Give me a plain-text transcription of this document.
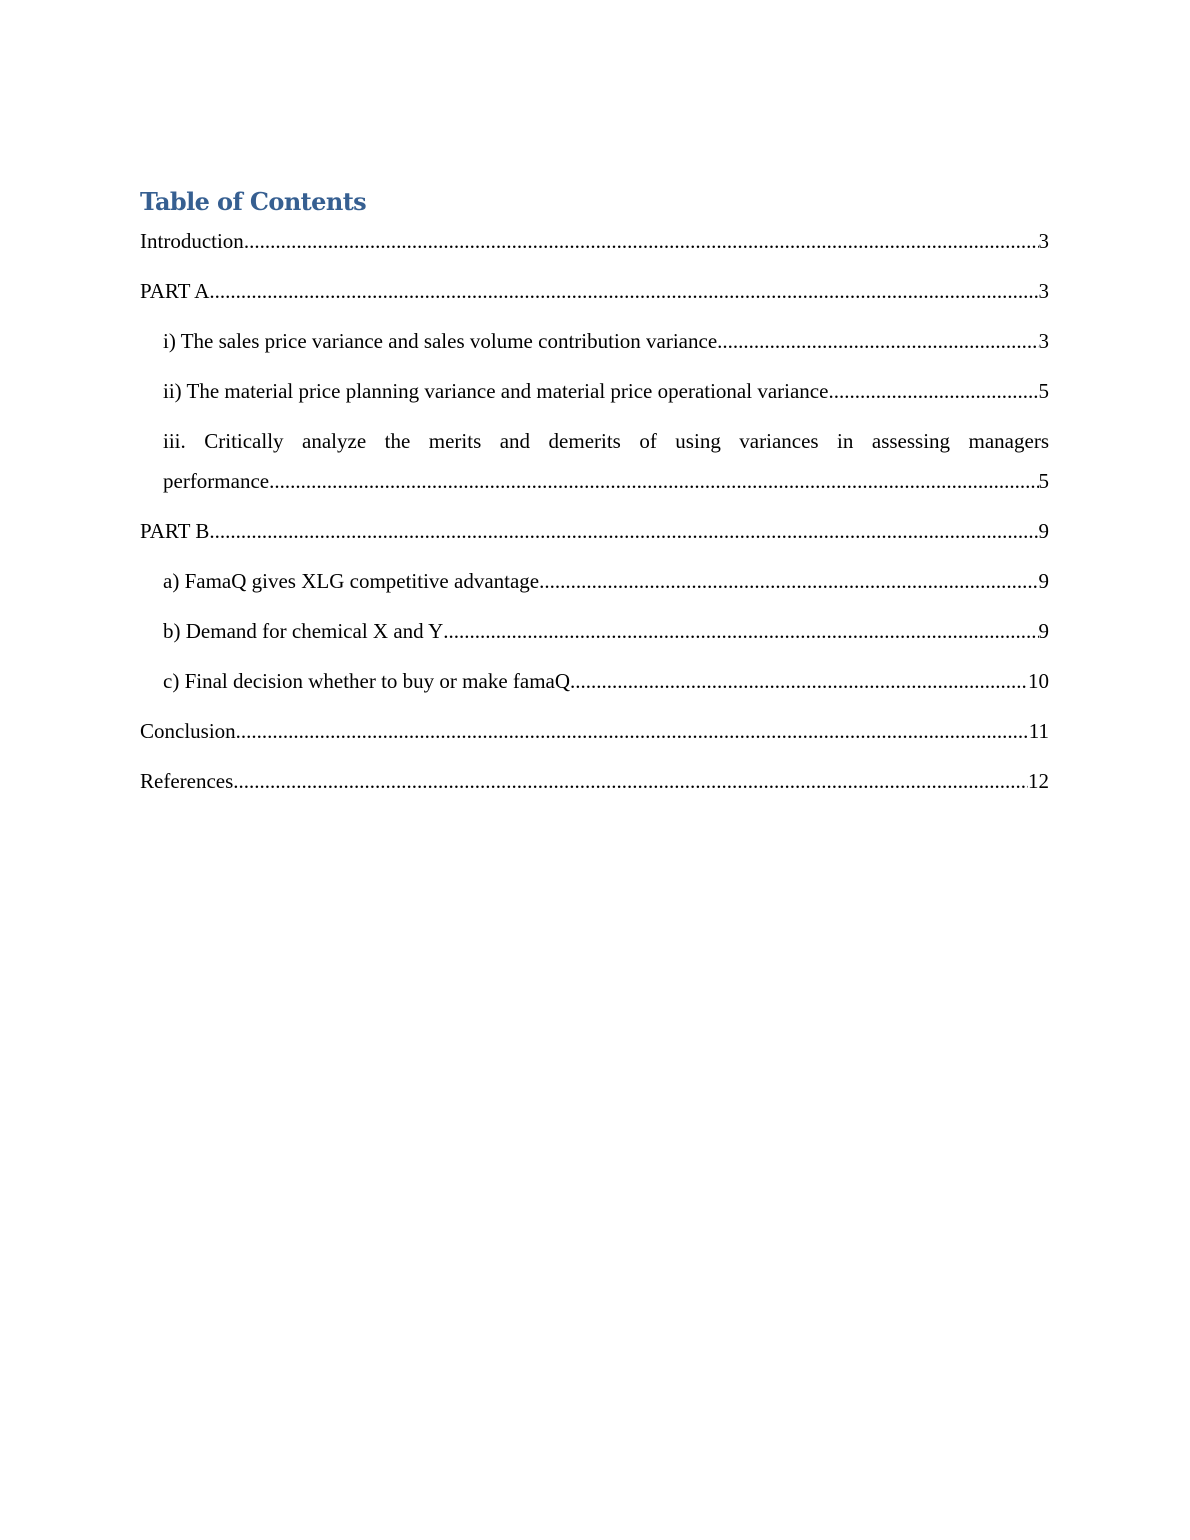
Table of Contents
Introduction .....	3
PART A .....	3
i) The sales price variance and sales volume contribution variance .....	3
ii) The material price planning variance and material price operational variance .....	5
iii. Critically analyze the merits and demerits of using variances in assessing managers
performance .....	5
PART B .....	9
a) FamaQ gives XLG competitive advantage .....	9
b) Demand for chemical X and Y .....	9
c) Final decision whether to buy or make famaQ .....	10
Conclusion .....	11
References .....	12
